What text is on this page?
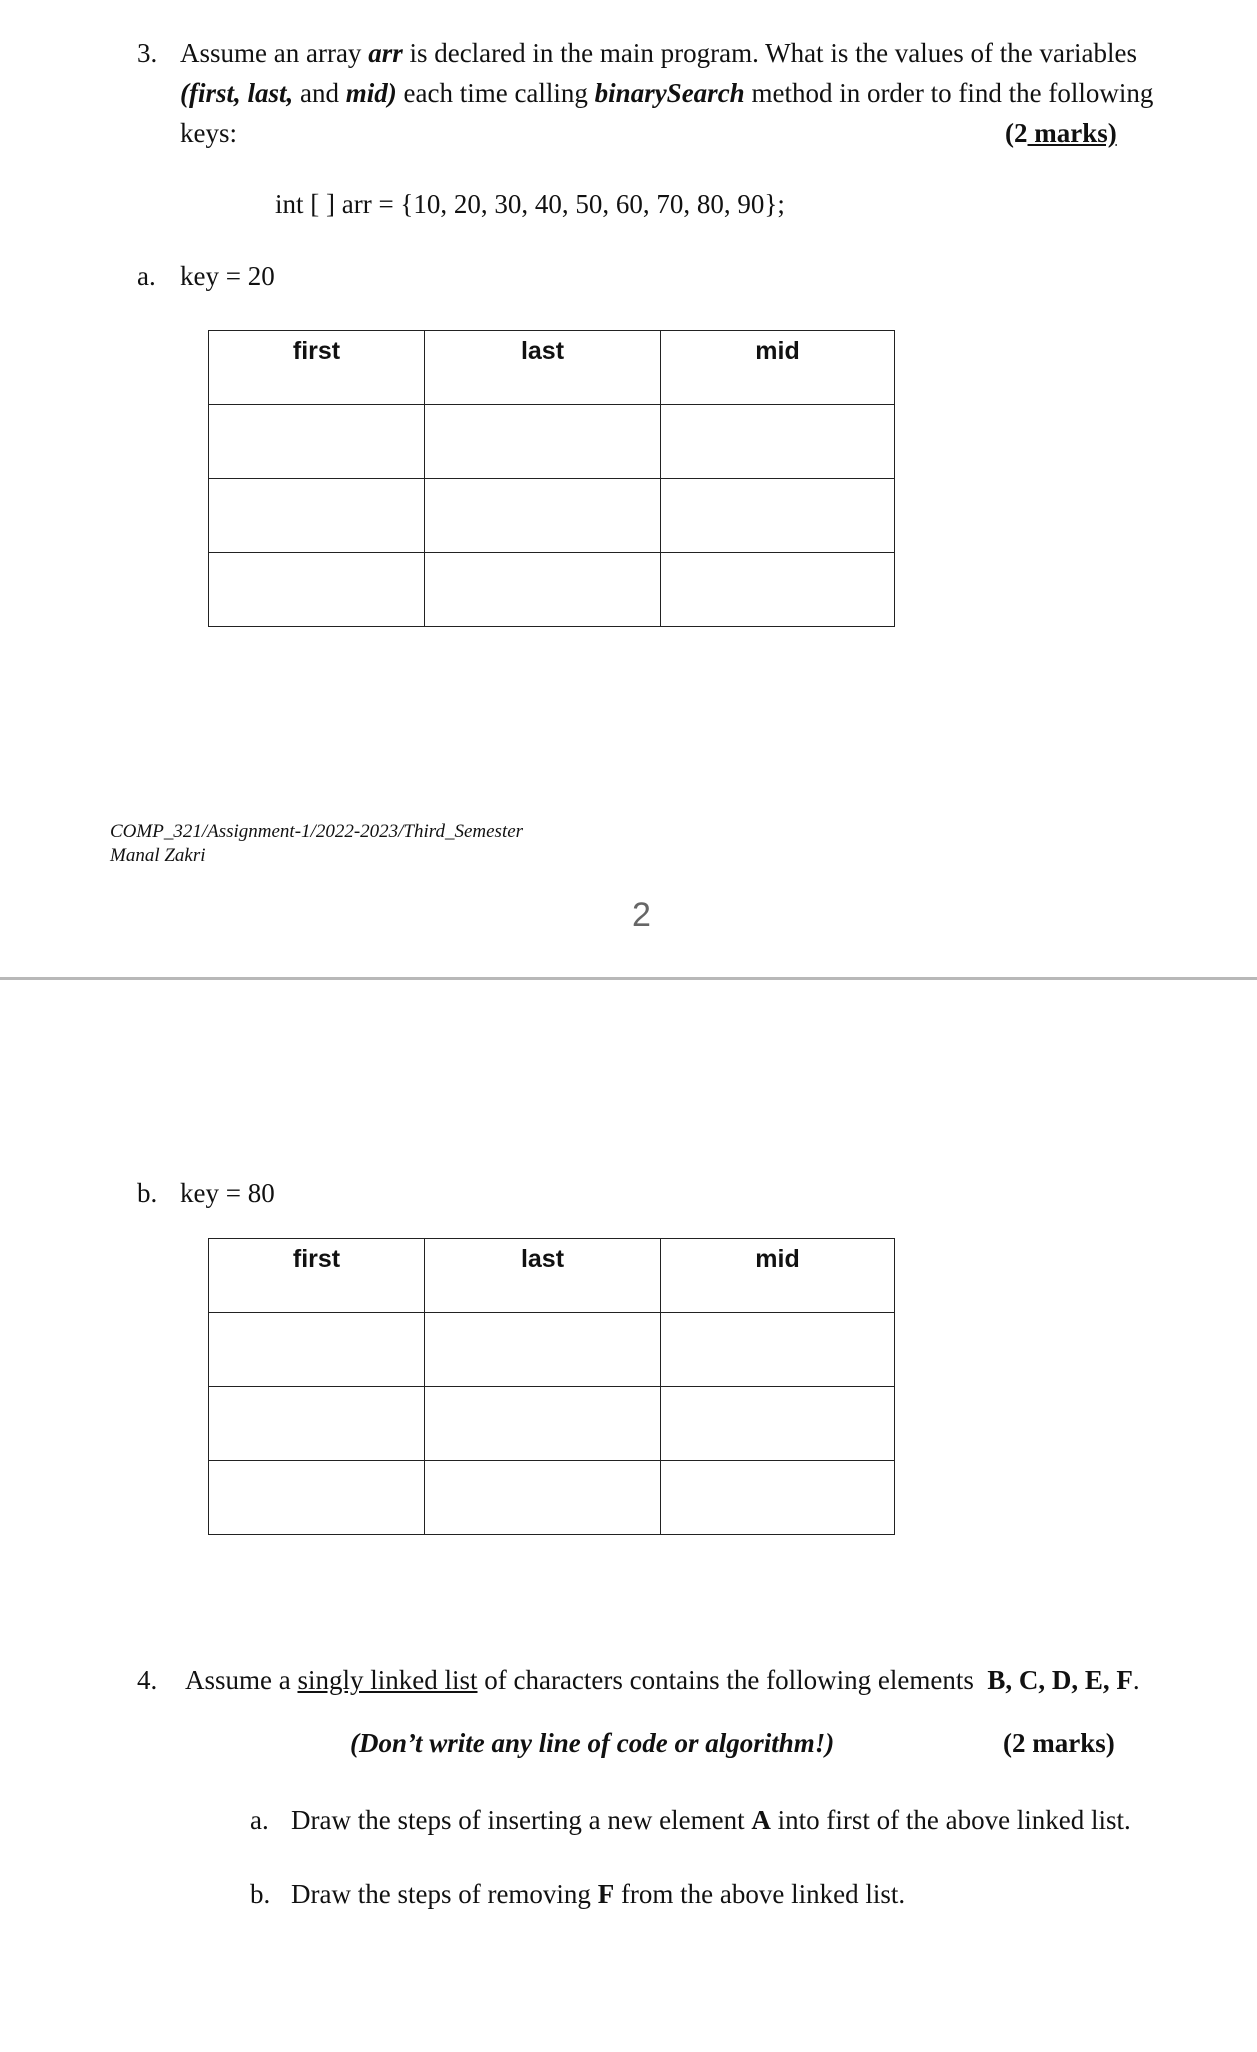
3. Assume an array arr is declared in the main program. What is the values of the variables
(first, last, and mid) each time calling binarySearch method in order to find the following
keys:	(2 marks)
int [ ] arr = {10, 20, 30, 40, 50, 60, 70, 80, 90};
a. key = 20
first	last	mid

COMP_321/Assignment-1/2022-2023/Third_Semester
Manal Zakri
2
b. key = 80
first	last	mid

4. Assume a singly linked list of characters contains the following elements  B, C, D, E, F.
(Don’t write any line of code or algorithm!)	(2 marks)
a. Draw the steps of inserting a new element A into first of the above linked list.
b. Draw the steps of removing F from the above linked list.
